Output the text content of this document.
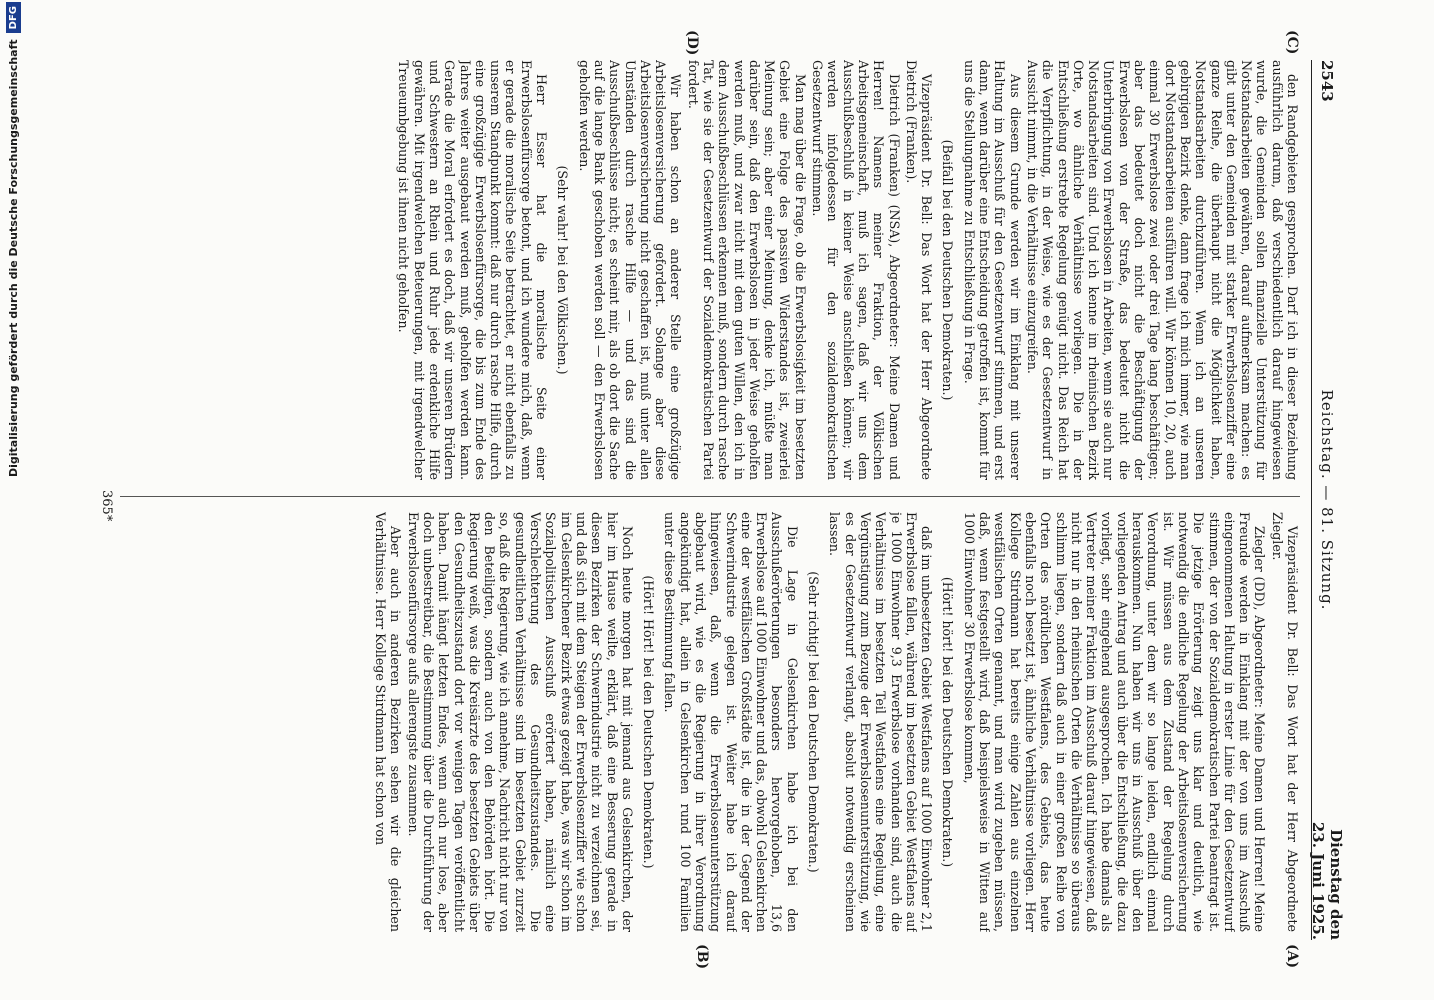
2543
Reichstag. — 81. Sitzung.
Dienstag den 23. Juni 1925.

den Randgebieten gesprochen. Darf ich in dieser Beziehung ausführlich darum, daß verschiedentlich darauf hingewiesen wurde, die Gemeinden sollen finanzielle Unterstützung für Notstandsarbeiten gewähren, darauf aufmerksam machen: es gibt unter den Gemeinden mit starker Erwerbslosenziffer eine ganze Reihe, die überhaupt nicht die Möglichkeit haben, Notstandsarbeiten durchzuführen. Wenn ich an unseren gebirgigen Bezirk denke, dann frage ich mich immer, wie man dort Notstandsarbeiten ausführen will. Wir können 10, 20, auch einmal 30 Erwerbslose zwei oder drei Tage lang beschäftigen; aber das bedeutet doch nicht die Beschäftigung der Erwerbslosen von der Straße, das bedeutet nicht die Unterbringung von Erwerbslosen in Arbeiten, wenn sie auch nur Notstandsarbeiten sind. Und ich kenne im rheinischen Bezirk Orte, wo ähnliche Verhältnisse vorliegen. Die in der Entschließung erstrebte Regelung genügt nicht. Das Reich hat die Verpflichtung, in der Weise, wie es der Gesetzentwurf in Aussicht nimmt, in die Verhältnisse einzugreifen.

Aus diesem Grunde werden wir im Einklang mit unserer Haltung im Ausschuß für den Gesetzentwurf stimmen, und erst dann, wenn darüber eine Entscheidung getroffen ist, kommt für uns die Stellungnahme zu Entschließung in Frage.

(Beifall bei den Deutschen Demokraten.)

Vizepräsident Dr. Bell: Das Wort hat der Herr Abgeordnete Dietrich (Franken).

Dietrich (Franken) (NSA), Abgeordneter: Meine Damen und Herren! Namens meiner Fraktion, der Völkischen Arbeitsgemeinschaft, muß ich sagen, daß wir uns dem Ausschußbeschluß in keiner Weise anschließen können; wir werden infolgedessen für den sozialdemokratischen Gesetzentwurf stimmen.

Man mag über die Frage, ob die Erwerbslosigkeit im besetzten Gebiet eine Folge des passiven Widerstandes ist, zweierlei Meinung sein; aber einer Meinung, denke ich, müßte man darüber sein, daß den Erwerbslosen in jeder Weise geholfen werden muß, und zwar nicht mit dem guten Willen, den ich in dem Ausschußbeschlüssen erkennen muß, sondern durch rasche Tat, wie sie der Gesetzentwurf der Sozialdemokratischen Partei fordert.

Wir haben schon an anderer Stelle eine großzügige Arbeitslosenversicherung gefordert. Solange aber diese Arbeitslosenversicherung nicht geschaffen ist, muß unter allen Umständen durch rasche Hilfe — und das sind die Ausschußbeschlüsse nicht; es scheint mir, als ob dort die Sache auf die lange Bank geschoben werden soll — den Erwerbslosen geholfen werden.

(Sehr wahr! bei den Völkischen.)

Herr Esser hat die moralische Seite einer Erwerbslosenfürsorge betont, und ich wundere mich, daß, wenn er gerade die moralische Seite betrachtet, er nicht ebenfalls zu unserem Standpunkt kommt: daß nur durch rasche Hilfe, durch eine großzügige Erwerbslosenfürsorge, die bis zum Ende des Jahres weiter ausgebaut werden muß, geholfen werden kann. Gerade die Moral erfordert es doch, daß wir unseren Brüdern und Schwestern an Rhein und Ruhr jede erdenkliche Hilfe gewähren. Mit irgendwelchen Beteuerungen, mit irgendwelcher Treueumbgebung ist ihnen nicht geholfen.

Vizepräsident Dr. Bell: Das Wort hat der Herr Abgeordnete Ziegler.

Ziegler (DD), Abgeordneter: Meine Damen und Herren! Meine Freunde werden in Einklang mit der von uns im Ausschuß eingenommenen Haltung in erster Linie für den Gesetzentwurf stimmen, der von der Sozialdemokratischen Partei beantragt ist. Die jetzige Erörterung zeigt uns klar und deutlich, wie notwendig die endliche Regelung der Arbeitslosenversicherung ist. Wir müssen aus dem Zustand der Regelung durch Verordnung, unter dem wir so lange leiden, endlich einmal herauskommen. Nun haben wir uns in Ausschuß über den vorliegenden Antrag und auch über die Entschließung, die dazu vorliegt, sehr eingehend ausgesprochen. Ich habe damals als Vertreter meiner Fraktion im Ausschuß darauf hingewiesen, daß nicht nur in den rheinischen Orten die Verhältnisse so überaus schlimm liegen, sondern daß auch in einer großen Reihe von Orten des nördlichen Westfalens, des Gebiets, das heute ebenfalls noch besetzt ist, ähnliche Verhältnisse vorliegen. Herr Kollege Stirdmann hat bereits einige Zahlen aus einzelnen westfälischen Orten genannt, und man wird zugeben müssen, daß, wenn festgestellt wird, daß beispielsweise in Witten auf 1000 Einwohner 30 Erwerbslose kommen,

(Hört! hört! bei den Deutschen Demokraten.)

daß im unbesetzten Gebiet Westfalens auf 1000 Einwohner 2,1 Erwerbslose fallen, während im besetzten Gebiet Westfalens auf je 1000 Einwohner 9,3 Erwerbslose vorhanden sind, auch die Verhältnisse im besetzten Teil Westfalens eine Regelung, eine Vergünstigung zum Bezuge der Erwerbslosenunterstützung, wie es der Gesetzentwurf verlangt, absolut notwendig erscheinen lassen.

(Sehr richtig! bei den Deutschen Demokraten.)

Die Lage in Gelsenkirchen habe ich bei den Ausschußerörterungen besonders hervorgehoben, 13,6 Erwerbslose auf 1000 Einwohner und das, obwohl Gelsenkirchen eine der westfälischen Großstädte ist, die in der Gegend der Schwerindustrie gelegen ist. Weiter habe ich darauf hingewiesen, daß, wenn die Erwerbslosenunterstützung abgebaut wird, wie es die Regierung in ihrer Verordnung angekündigt hat, allein in Gelsenkirchen rund 100 Familien unter diese Bestimmung fallen.

(Hört! Hört! bei den Deutschen Demokraten.)

Noch heute morgen hat mit jemand aus Gelsenkirchen, der hier im Hause weilte, erklärt, daß eine Besserung gerade in diesen Bezirken der Schwerindustrie nicht zu verzeichnen sei, und daß sich mit dem Steigen der Erwerbslosenziffer wie schon im Gelsenkirchener Bezirk etwas gezeigt habe, was wir schon im Sozialpolitischen Ausschuß erörtert haben, nämlich eine Verschlechterung des Gesundheitszustandes. Die gesundheitlichen Verhältnisse sind im besetzten Gebiet zurzeit so, daß die Regierung, wie ich annehme, Nachricht nicht nur von den Beteiligten, sondern auch von den Behörden hört. Die Regierung weiß, was die Kreisärzte des besetzten Gebiets über den Gesundheitszustand dort vor wenigen Tagen veröffentlicht haben. Damit hängt letzten Endes, wenn auch nur lose, aber doch unbestreitbar, die Bestimmung über die Durchführung der Erwerbslosenfürsorge aufs allerengste zusammen.

Aber auch in anderen Bezirken sehen wir die gleichen Verhältnisse. Herr Kollege Stirdmann hat schon von

(A)
(B)
(C)
(D)
365*
Digitalisierung gefördert durch die Deutsche Forschungsgemeinschaft
DFG
